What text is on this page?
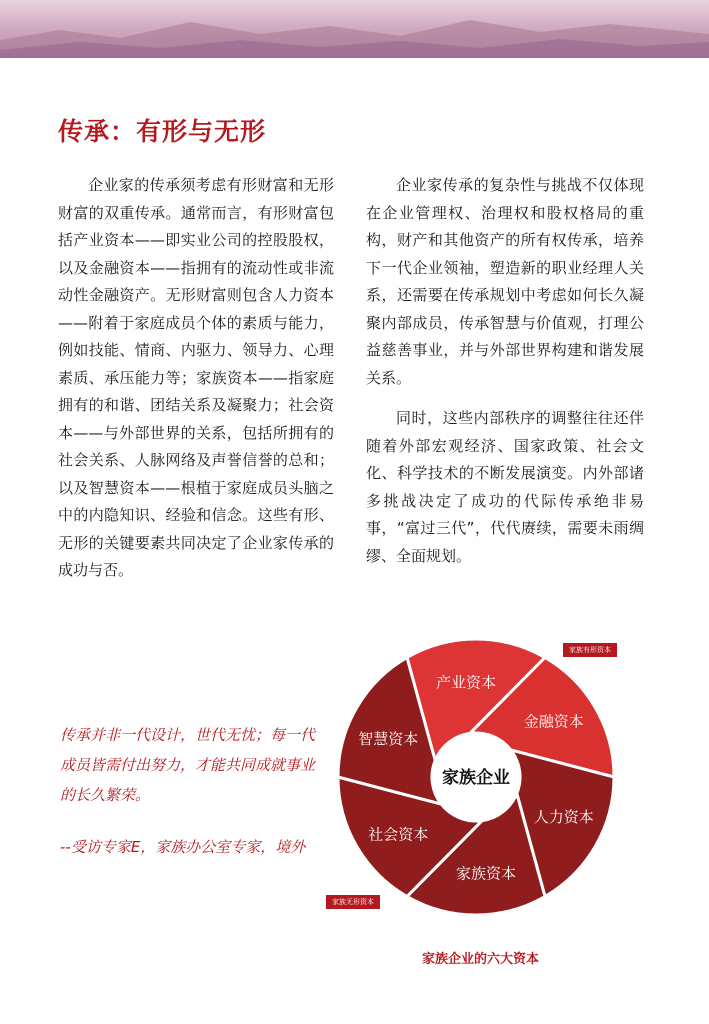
传承：有形与无形

企业家的传承须考虑有形财富和无形财富的双重传承。通常而言，有形财富包括产业资本——即实业公司的控股股权，以及金融资本——指拥有的流动性或非流动性金融资产。无形财富则包含人力资本——附着于家庭成员个体的素质与能力，例如技能、情商、内驱力、领导力、心理素质、承压能力等；家族资本——指家庭拥有的和谐、团结关系及凝聚力；社会资本——与外部世界的关系，包括所拥有的社会关系、人脉网络及声誉信誉的总和；以及智慧资本——根植于家庭成员头脑之中的内隐知识、经验和信念。这些有形、无形的关键要素共同决定了企业家传承的成功与否。

企业家传承的复杂性与挑战不仅体现在企业管理权、治理权和股权格局的重构，财产和其他资产的所有权传承，培养下一代企业领袖，塑造新的职业经理人关系，还需要在传承规划中考虑如何长久凝聚内部成员，传承智慧与价值观，打理公益慈善事业，并与外部世界构建和谐发展关系。

同时，这些内部秩序的调整往往还伴随着外部宏观经济、国家政策、社会文化、科学技术的不断发展演变。内外部诸多挑战决定了成功的代际传承绝非易事，“富过三代”，代代赓续，需要未雨绸缪、全面规划。

传承并非一代设计，世代无忧；每一代成员皆需付出努力，才能共同成就事业的长久繁荣。
--受访专家E，家族办公室专家，境外
家族企业
产业资本
金融资本
人力资本
家族资本
社会资本
智慧资本
家族有形资本
家族无形资本
家族企业的六大资本
